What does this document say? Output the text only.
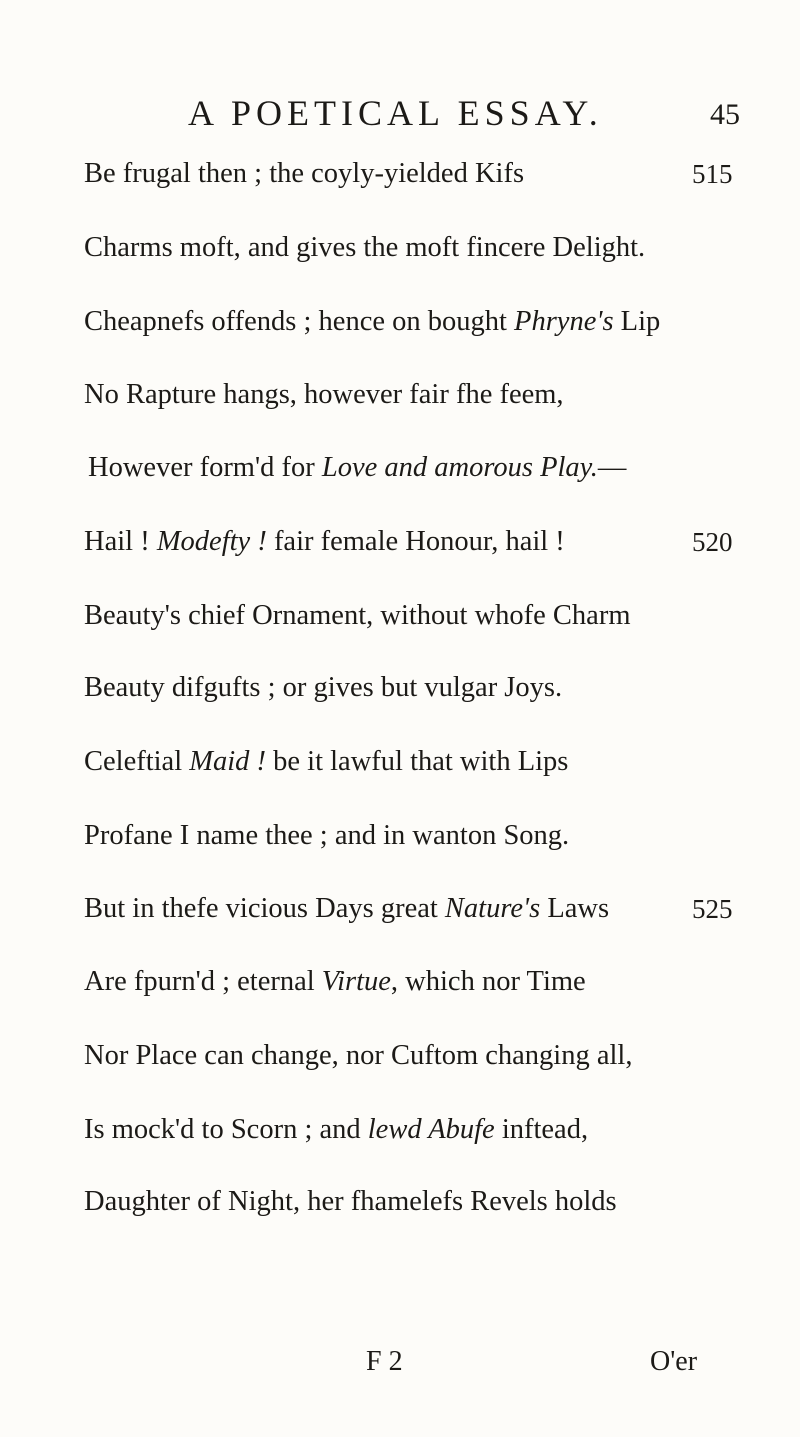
A POETICAL ESSAY.	45
Be frugal then ; the coyly-yielded Kifs	515
Charms moft, and gives the moft fincere Delight.
Cheapnefs offends ; hence on bought Phryne's Lip
No Rapture hangs, however fair fhe feem,
However form'd for Love and amorous Play.—
Hail ! Modefty ! fair female Honour, hail !	520
Beauty's chief Ornament, without whofe Charm
Beauty difgufts ; or gives but vulgar Joys.
Celeftial Maid ! be it lawful that with Lips
Profane I name thee ; and in wanton Song.
But in thefe vicious Days great Nature's Laws	525
Are fpurn'd ; eternal Virtue, which nor Time
Nor Place can change, nor Cuftom changing all,
Is mock'd to Scorn ; and lewd Abufe inftead,
Daughter of Night, her fhamelefs Revels holds
F 2	O'er
